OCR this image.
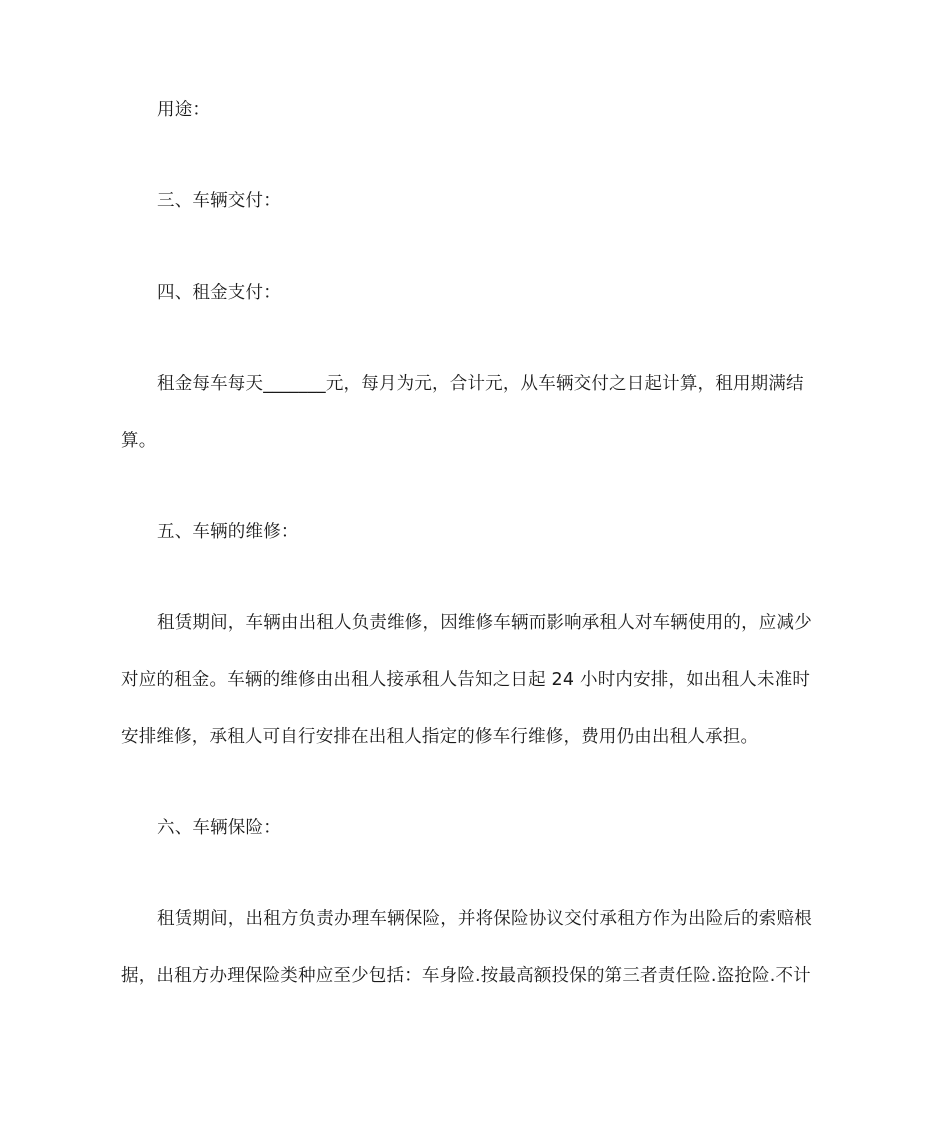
用途：
三、车辆交付：
四、租金支付：
租金每车每天_______元，每月为元，合计元，从车辆交付之日起计算，租用期满结
算。
五、车辆的维修：
租赁期间，车辆由出租人负责维修，因维修车辆而影响承租人对车辆使用的，应减少
对应的租金。车辆的维修由出租人接承租人告知之日起 24 小时内安排，如出租人未准时
安排维修，承租人可自行安排在出租人指定的修车行维修，费用仍由出租人承担。
六、车辆保险：
租赁期间，出租方负责办理车辆保险，并将保险协议交付承租方作为出险后的索赔根
据，出租方办理保险类种应至少包括：车身险.按最高额投保的第三者责任险.盗抢险.不计
